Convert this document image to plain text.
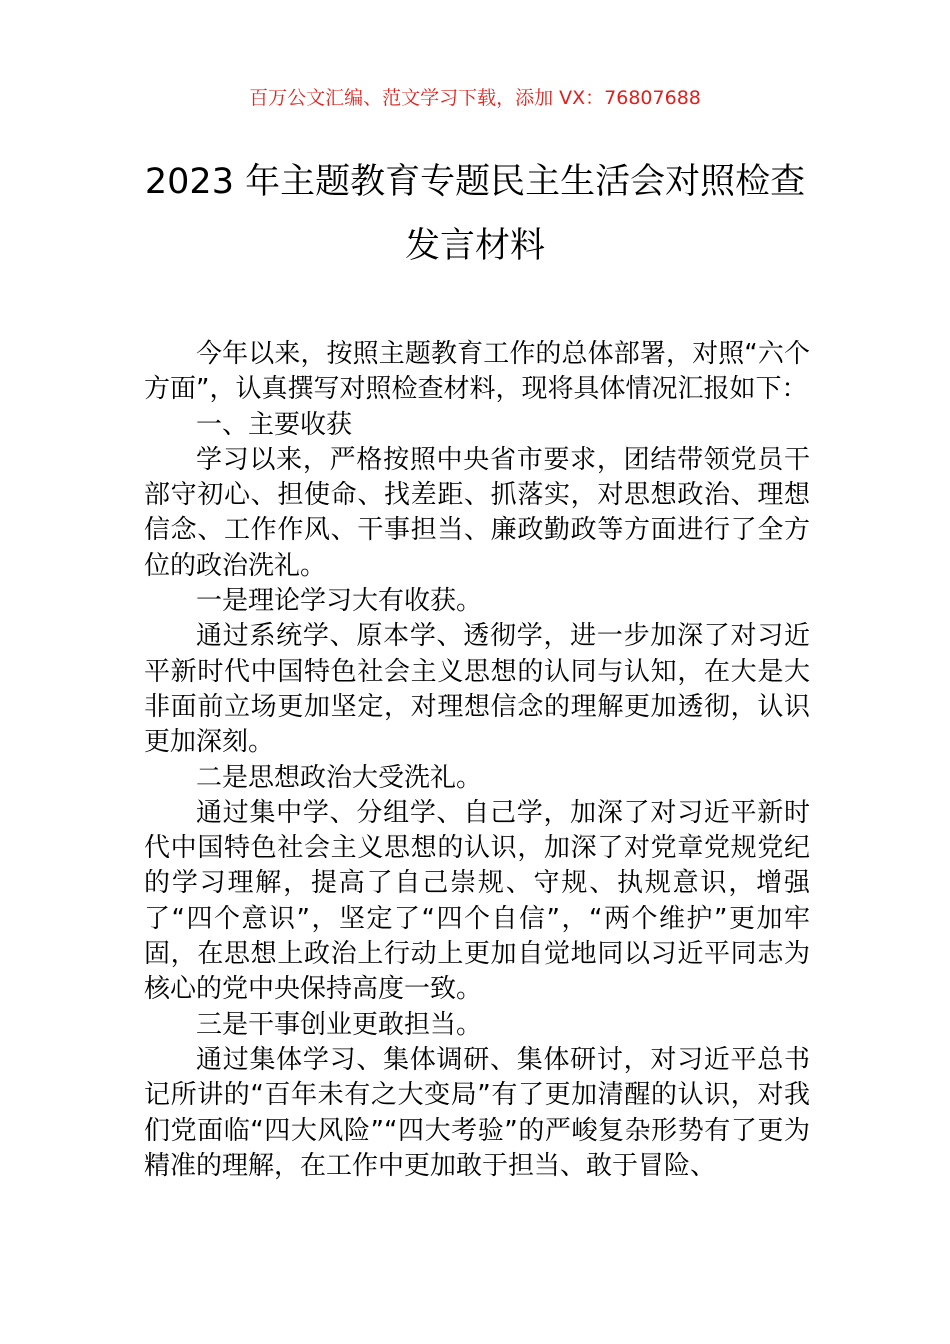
百万公文汇编、范文学习下载，添加 VX：76807688
2023 年主题教育专题民主生活会对照检查
发言材料

今年以来，按照主题教育工作的总体部署，对照“六个方面”，认真撰写对照检查材料，现将具体情况汇报如下：

一、主要收获

学习以来，严格按照中央省市要求，团结带领党员干部守初心、担使命、找差距、抓落实，对思想政治、理想信念、工作作风、干事担当、廉政勤政等方面进行了全方位的政治洗礼。

一是理论学习大有收获。

通过系统学、原本学、透彻学，进一步加深了对习近平新时代中国特色社会主义思想的认同与认知，在大是大非面前立场更加坚定，对理想信念的理解更加透彻，认识更加深刻。

二是思想政治大受洗礼。

通过集中学、分组学、自己学，加深了对习近平新时代中国特色社会主义思想的认识，加深了对党章党规党纪的学习理解，提高了自己崇规、守规、执规意识，增强了“四个意识”，坚定了“四个自信”，“两个维护”更加牢固，在思想上政治上行动上更加自觉地同以习近平同志为核心的党中央保持高度一致。

三是干事创业更敢担当。

通过集体学习、集体调研、集体研讨，对习近平总书记所讲的“百年未有之大变局”有了更加清醒的认识，对我们党面临“四大风险”“四大考验”的严峻复杂形势有了更为精准的理解，在工作中更加敢于担当、敢于冒险、
